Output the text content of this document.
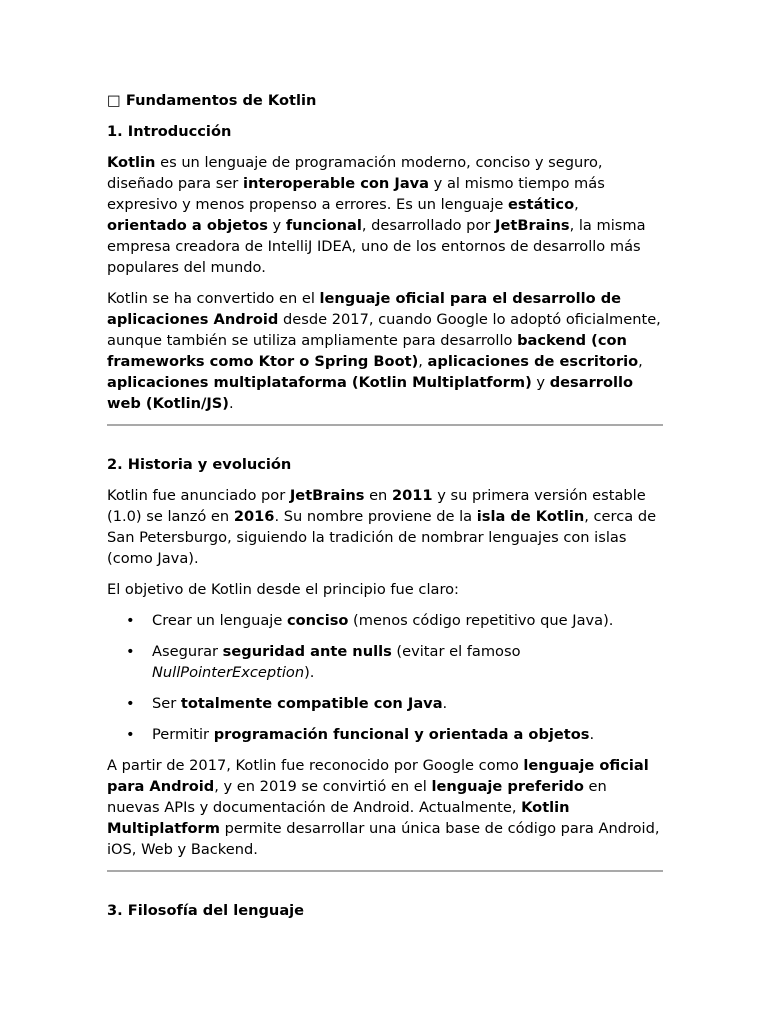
□ Fundamentos de Kotlin
1. Introducción

Kotlin es un lenguaje de programación moderno, conciso y seguro, diseñado para ser interoperable con Java y al mismo tiempo más expresivo y menos propenso a errores. Es un lenguaje estático, orientado a objetos y funcional, desarrollado por JetBrains, la misma empresa creadora de IntelliJ IDEA, uno de los entornos de desarrollo más populares del mundo.

Kotlin se ha convertido en el lenguaje oficial para el desarrollo de aplicaciones Android desde 2017, cuando Google lo adoptó oficialmente, aunque también se utiliza ampliamente para desarrollo backend (con frameworks como Ktor o Spring Boot), aplicaciones de escritorio, aplicaciones multiplataforma (Kotlin Multiplatform) y desarrollo web (Kotlin/JS).

2. Historia y evolución

Kotlin fue anunciado por JetBrains en 2011 y su primera versión estable (1.0) se lanzó en 2016. Su nombre proviene de la isla de Kotlin, cerca de San Petersburgo, siguiendo la tradición de nombrar lenguajes con islas (como Java).

El objetivo de Kotlin desde el principio fue claro:

• Crear un lenguaje conciso (menos código repetitivo que Java).
• Asegurar seguridad ante nulls (evitar el famoso NullPointerException).
• Ser totalmente compatible con Java.
• Permitir programación funcional y orientada a objetos.

A partir de 2017, Kotlin fue reconocido por Google como lenguaje oficial para Android, y en 2019 se convirtió en el lenguaje preferido en nuevas APIs y documentación de Android. Actualmente, Kotlin Multiplatform permite desarrollar una única base de código para Android, iOS, Web y Backend.

3. Filosofía del lenguaje
